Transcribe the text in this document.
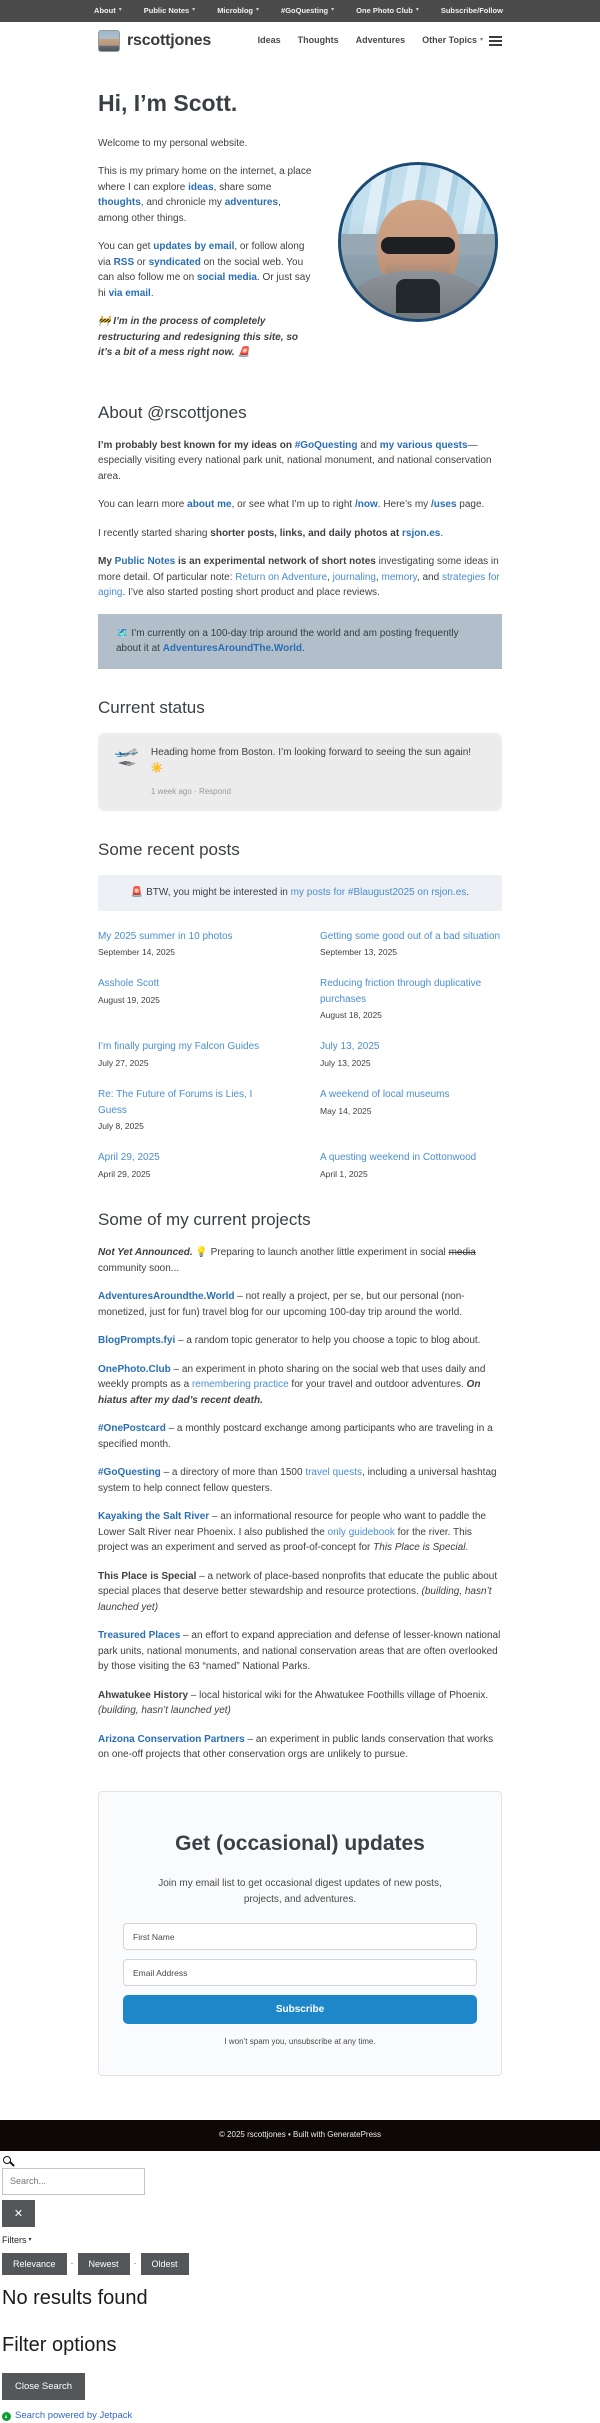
About ▾	Public Notes ▾	Microblog ▾	#GoQuesting ▾	One Photo Club ▾	Subscribe/Follow
rscottjones	Ideas Thoughts Adventures Other Topics ▾
Hi, I’m Scott.

Welcome to my personal website.

This is my primary home on the internet, a place where I can explore ideas, share some thoughts, and chronicle my adventures, among other things.

You can get updates by email, or follow along via RSS or syndicated on the social web. You can also follow me on social media. Or just say hi via email.

🚧 I’m in the process of completely restructuring and redesigning this site, so it’s a bit of a mess right now. 🚨

About @rscottjones

I’m probably best known for my ideas on #GoQuesting and my various quests—especially visiting every national park unit, national monument, and national conservation area.

You can learn more about me, or see what I’m up to right /now. Here’s my /uses page.

I recently started sharing shorter posts, links, and daily photos at rsjon.es.

My Public Notes is an experimental network of short notes investigating some ideas in more detail. Of particular note: Return on Adventure, journaling, memory, and strategies for aging. I’ve also started posting short product and place reviews.

🗺️ I’m currently on a 100-day trip around the world and am posting frequently about it at AdventuresAroundThe.World.

Current status
🛫 Heading home from Boston. I’m looking forward to seeing the sun again! ☀️
1 week ago · Respond
Some recent posts

🚨 BTW, you might be interested in my posts for #Blaugust2025 on rsjon.es.

My 2025 summer in 10 photos
September 14, 2025
Getting some good out of a bad situation
September 13, 2025
Asshole Scott
August 19, 2025
Reducing friction through duplicative purchases
August 18, 2025
I’m finally purging my Falcon Guides
July 27, 2025
July 13, 2025
July 13, 2025
Re: The Future of Forums is Lies, I Guess
July 8, 2025
A weekend of local museums
May 14, 2025
April 29, 2025
April 29, 2025
A questing weekend in Cottonwood
April 1, 2025
Some of my current projects

Not Yet Announced. 💡 Preparing to launch another little experiment in social media community soon...

AdventuresAroundthe.World – not really a project, per se, but our personal (non-monetized, just for fun) travel blog for our upcoming 100-day trip around the world.

BlogPrompts.fyi – a random topic generator to help you choose a topic to blog about.

OnePhoto.Club – an experiment in photo sharing on the social web that uses daily and weekly prompts as a remembering practice for your travel and outdoor adventures. On hiatus after my dad’s recent death.

#OnePostcard – a monthly postcard exchange among participants who are traveling in a specified month.

#GoQuesting – a directory of more than 1500 travel quests, including a universal hashtag system to help connect fellow questers.

Kayaking the Salt River – an informational resource for people who want to paddle the Lower Salt River near Phoenix. I also published the only guidebook for the river. This project was an experiment and served as proof-of-concept for This Place is Special.

This Place is Special – a network of place-based nonprofits that educate the public about special places that deserve better stewardship and resource protections. (building, hasn’t launched yet)

Treasured Places – an effort to expand appreciation and defense of lesser-known national park units, national monuments, and national conservation areas that are often overlooked by those visiting the 63 “named” National Parks.

Ahwatukee History – local historical wiki for the Ahwatukee Foothills village of Phoenix. (building, hasn’t launched yet)

Arizona Conservation Partners – an experiment in public lands conservation that works on one-off projects that other conservation orgs are unlikely to pursue.

Get (occasional) updates

Join my email list to get occasional digest updates of new posts, projects, and adventures.

First Name
Email Address
Subscribe
I won’t spam you, unsubscribe at any time.
© 2025 rscottjones • Built with GeneratePress
Search...
✕
Filters ▾
Relevance	·	Newest	·	Oldest
No results found
Filter options
Close Search
Search powered by Jetpack
